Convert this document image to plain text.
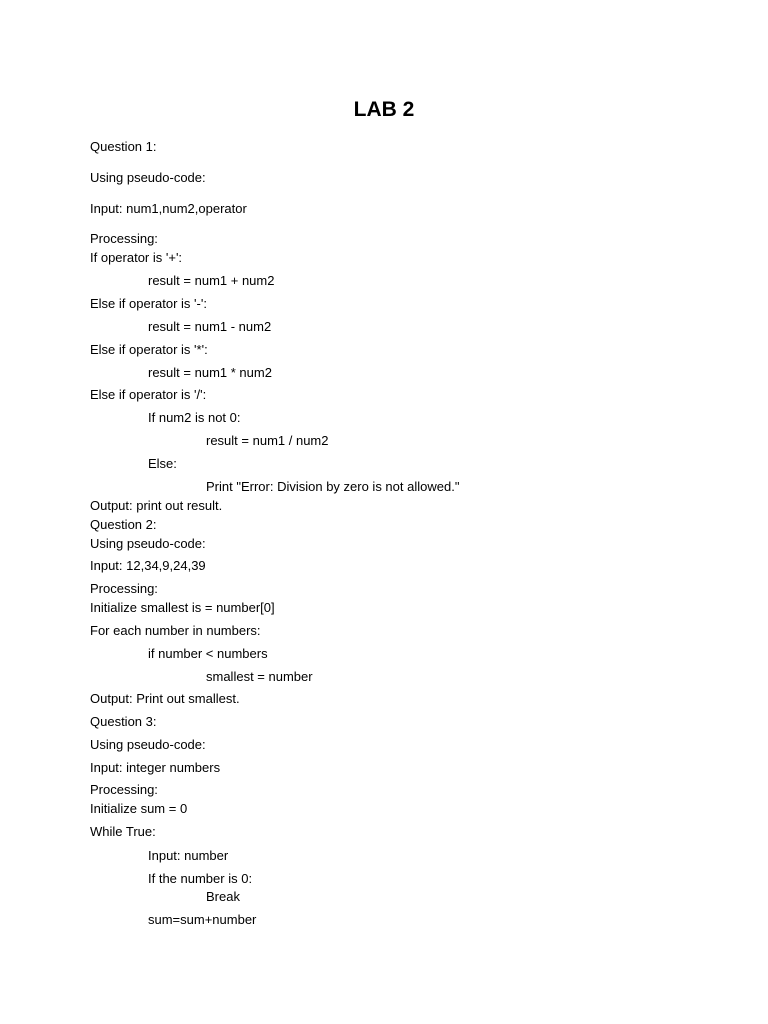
LAB 2
Question 1:
Using pseudo-code:
Input: num1,num2,operator
Processing:
If operator is '+':
result = num1 + num2
Else if operator is '-':
result = num1 - num2
Else if operator is '*':
result = num1 * num2
Else if operator is '/':
If num2 is not 0:
result = num1 / num2
Else:
Print "Error: Division by zero is not allowed."
Output: print out result.
Question 2:
Using pseudo-code:
Input: 12,34,9,24,39
Processing:
Initialize smallest is = number[0]
For each number in numbers:
if number < numbers
smallest = number
Output: Print out smallest.
Question 3:
Using pseudo-code:
Input: integer numbers
Processing:
Initialize sum = 0
While True:
Input: number
If the number is 0:
Break
sum=sum+number
